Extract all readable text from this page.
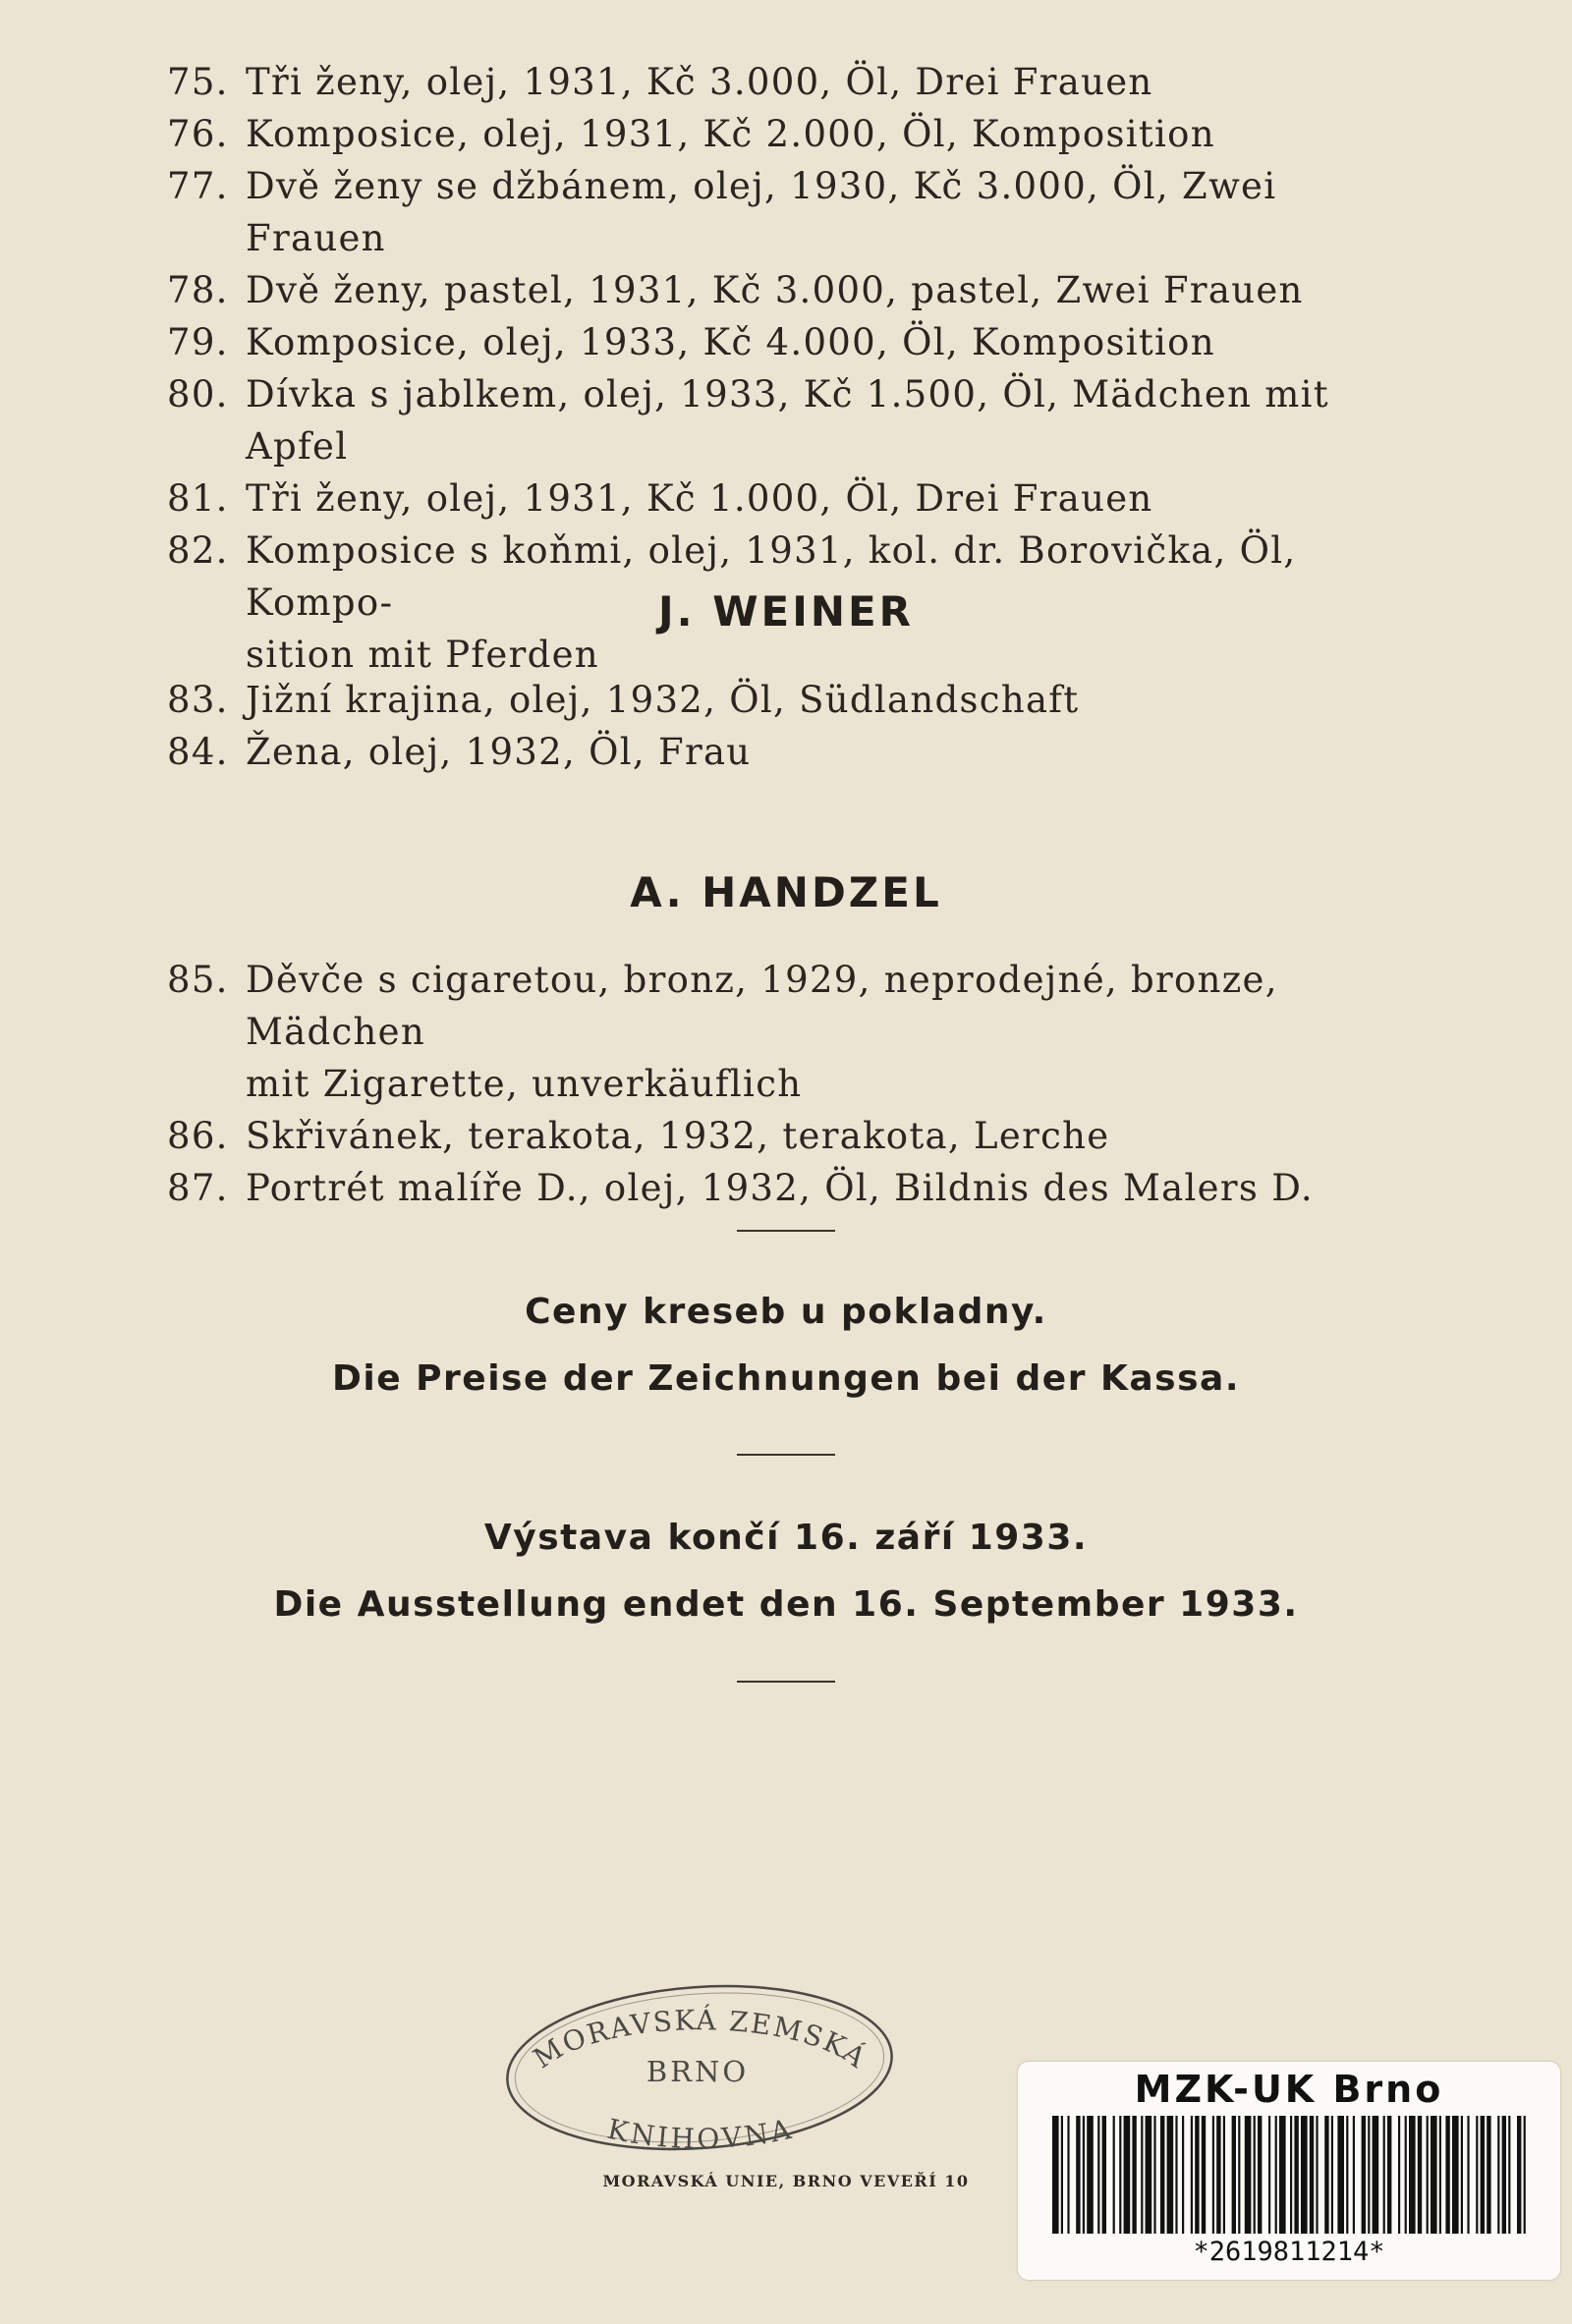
75. Tři ženy, olej, 1931, Kč 3.000, Öl, Drei Frauen
76. Komposice, olej, 1931, Kč 2.000, Öl, Komposition
77. Dvě ženy se džbánem, olej, 1930, Kč 3.000, Öl, Zwei Frauen
78. Dvě ženy, pastel, 1931, Kč 3.000, pastel, Zwei Frauen
79. Komposice, olej, 1933, Kč 4.000, Öl, Komposition
80. Dívka s jablkem, olej, 1933, Kč 1.500, Öl, Mädchen mit Apfel
81. Tři ženy, olej, 1931, Kč 1.000, Öl, Drei Frauen
82. Komposice s koňmi, olej, 1931, kol. dr. Borovička, Öl, Kompo-
sition mit Pferden
J. WEINER
83. Jižní krajina, olej, 1932, Öl, Südlandschaft
84. Žena, olej, 1932, Öl, Frau
A. HANDZEL
85. Děvče s cigaretou, bronz, 1929, neprodejné, bronze, Mädchen
mit Zigarette, unverkäuflich
86. Skřivánek, terakota, 1932, terakota, Lerche
87. Portrét malíře D., olej, 1932, Öl, Bildnis des Malers D.
Ceny kreseb u pokladny.
Die Preise der Zeichnungen bei der Kassa.
Výstava končí 16. září 1933.
Die Ausstellung endet den 16. September 1933.
MORAVSKÁ ZEMSKÁ
BRNO
KNIHOVNA
MORAVSKÁ UNIE, BRNO VEVEŘÍ 10
MZK-UK Brno
*2619811214*
